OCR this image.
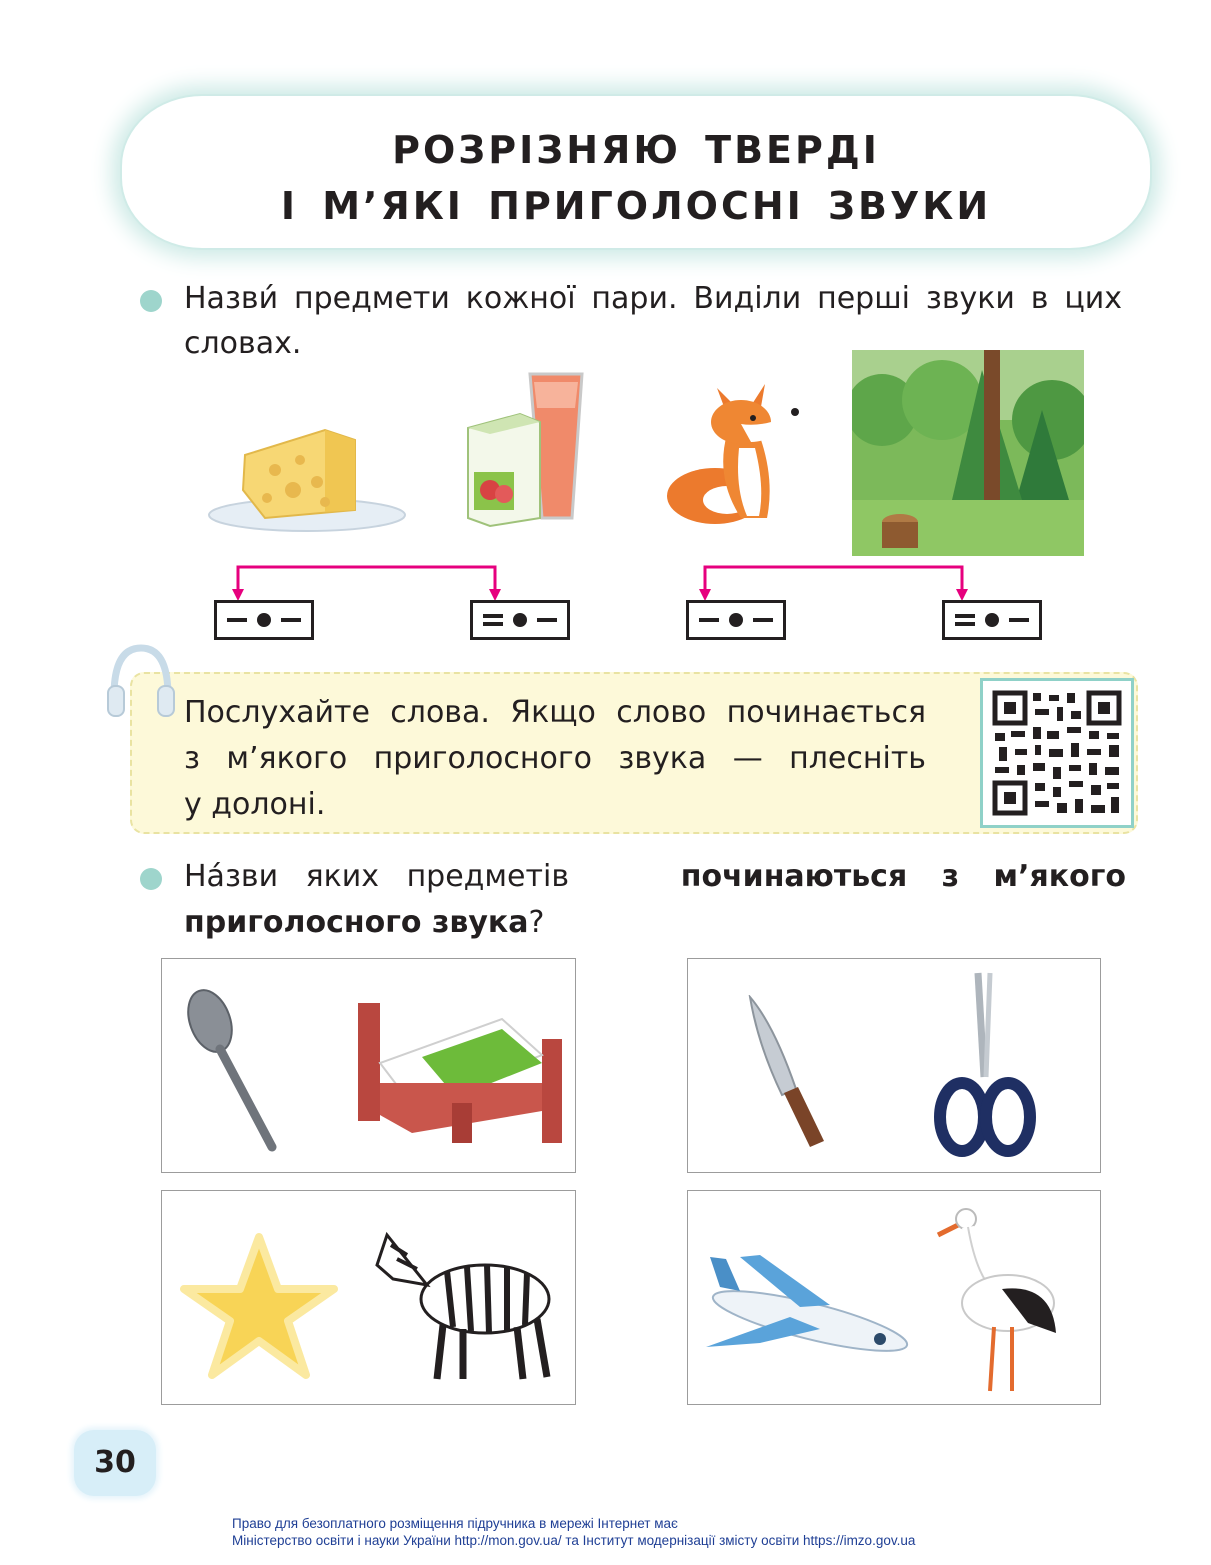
РОЗРІЗНЯЮ ТВЕРДІ
І М’ЯКІ ПРИГОЛОСНІ ЗВУКИ
Назви́ предмети кожної пари. Виділи перші звуки в цих
словах.
Послухайте слова. Якщо слово починається
з м’якого приголосного звука — плесніть
у долоні.
На́зви яких предметів	починаються з м’якого
приголосного звука?
30
Право для безоплатного розміщення підручника в мережі Інтернет має
Міністерство освіти і науки України http://mon.gov.ua/ та Інститут модернізації змісту освіти https://imzo.gov.ua
